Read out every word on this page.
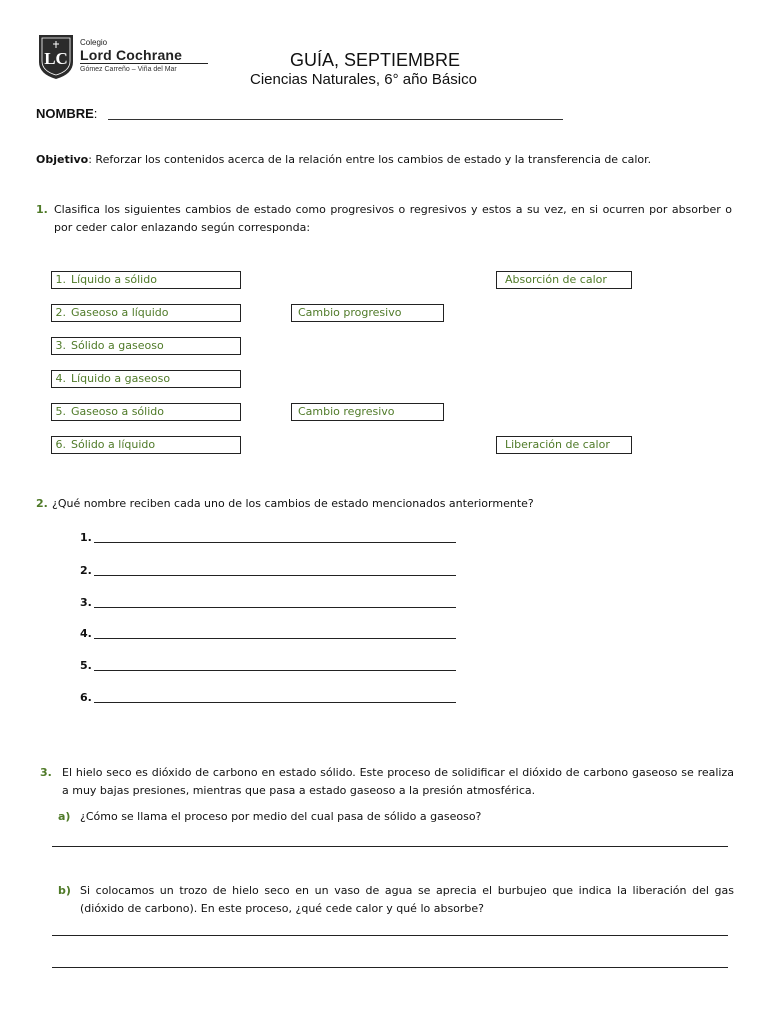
LC
Colegio
Lord Cochrane
Gómez Carreño – Viña del Mar	GUÍA, SEPTIEMBRE
Ciencias Naturales, 6° año Básico
NOMBRE:
Objetivo: Reforzar los contenidos acerca de la relación entre los cambios de estado y la transferencia de calor.
1. Clasifica los siguientes cambios de estado como progresivos o regresivos y estos a su vez, en si ocurren por absorber o por ceder calor enlazando según corresponda:
1. Líquido a sólido
2. Gaseoso a líquido
3. Sólido a gaseoso
4. Líquido a gaseoso
5. Gaseoso a sólido
6. Sólido a líquido
Cambio progresivo
Cambio regresivo
Absorción de calor
Liberación de calor
2. ¿Qué nombre reciben cada uno de los cambios de estado mencionados anteriormente?
1.
2.
3.
4.
5.
6.
3. El hielo seco es dióxido de carbono en estado sólido. Este proceso de solidificar el dióxido de carbono gaseoso se realiza a muy bajas presiones, mientras que pasa a estado gaseoso a la presión atmosférica.
a) ¿Cómo se llama el proceso por medio del cual pasa de sólido a gaseoso?
b) Si colocamos un trozo de hielo seco en un vaso de agua se aprecia el burbujeo que indica la liberación del gas (dióxido de carbono). En este proceso, ¿qué cede calor y qué lo absorbe?
